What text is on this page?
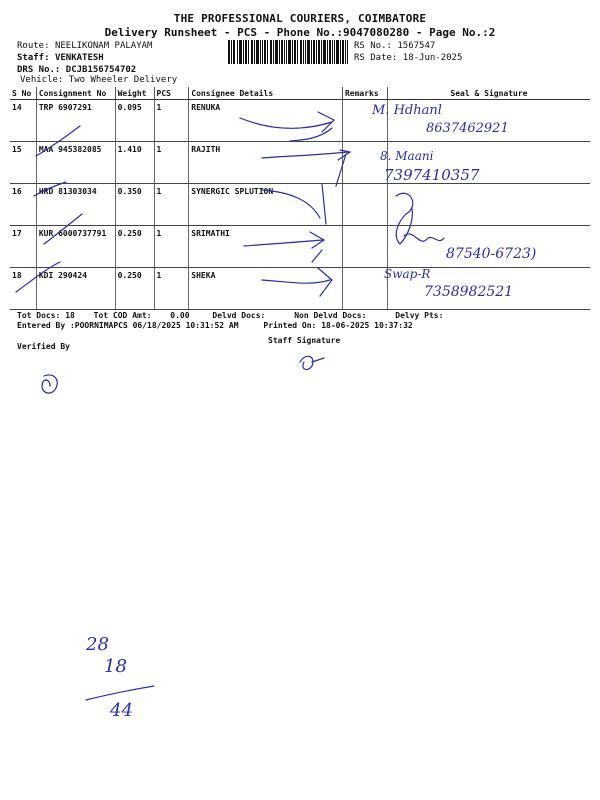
THE PROFESSIONAL COURIERS, COIMBATORE
Delivery Runsheet - PCS - Phone No.:9047080280 - Page No.:2
Route: NEELIKONAM PALAYAM
Staff: VENKATESH
DRS No.: DCJB156754702
Vehicle: Two Wheeler Delivery
RS No.: 1567547
RS Date: 18-Jun-2025
S No	Consignment No	Weight	PCS	Consignee Details	Remarks	Seal & Signature
14	TRP 6907291	0.095	1	RENUKA		
15	MAA 945382085	1.410	1	RAJITH		
16	HRD 81303034	0.350	1	SYNERGIC SPLUTION		
17	KUR 6000737791	0.250	1	SRIMATHI		
18	KDI 290424	0.250	1	SHEKA		
Tot Docs: 18 Tot COD Amt: 0.00	Delvd Docs:	Non Delvd Docs:	Delvy Pts:
Entered By :POORNIMAPCS 06/18/2025 10:31:52 AM	Printed On: 18-06-2025 10:37:32
Verified By
Staff Signature
M. Hdhanl
8637462921
8. Maani
7397410357
87540-6723)
Swap-R
7358982521
28
18
44
